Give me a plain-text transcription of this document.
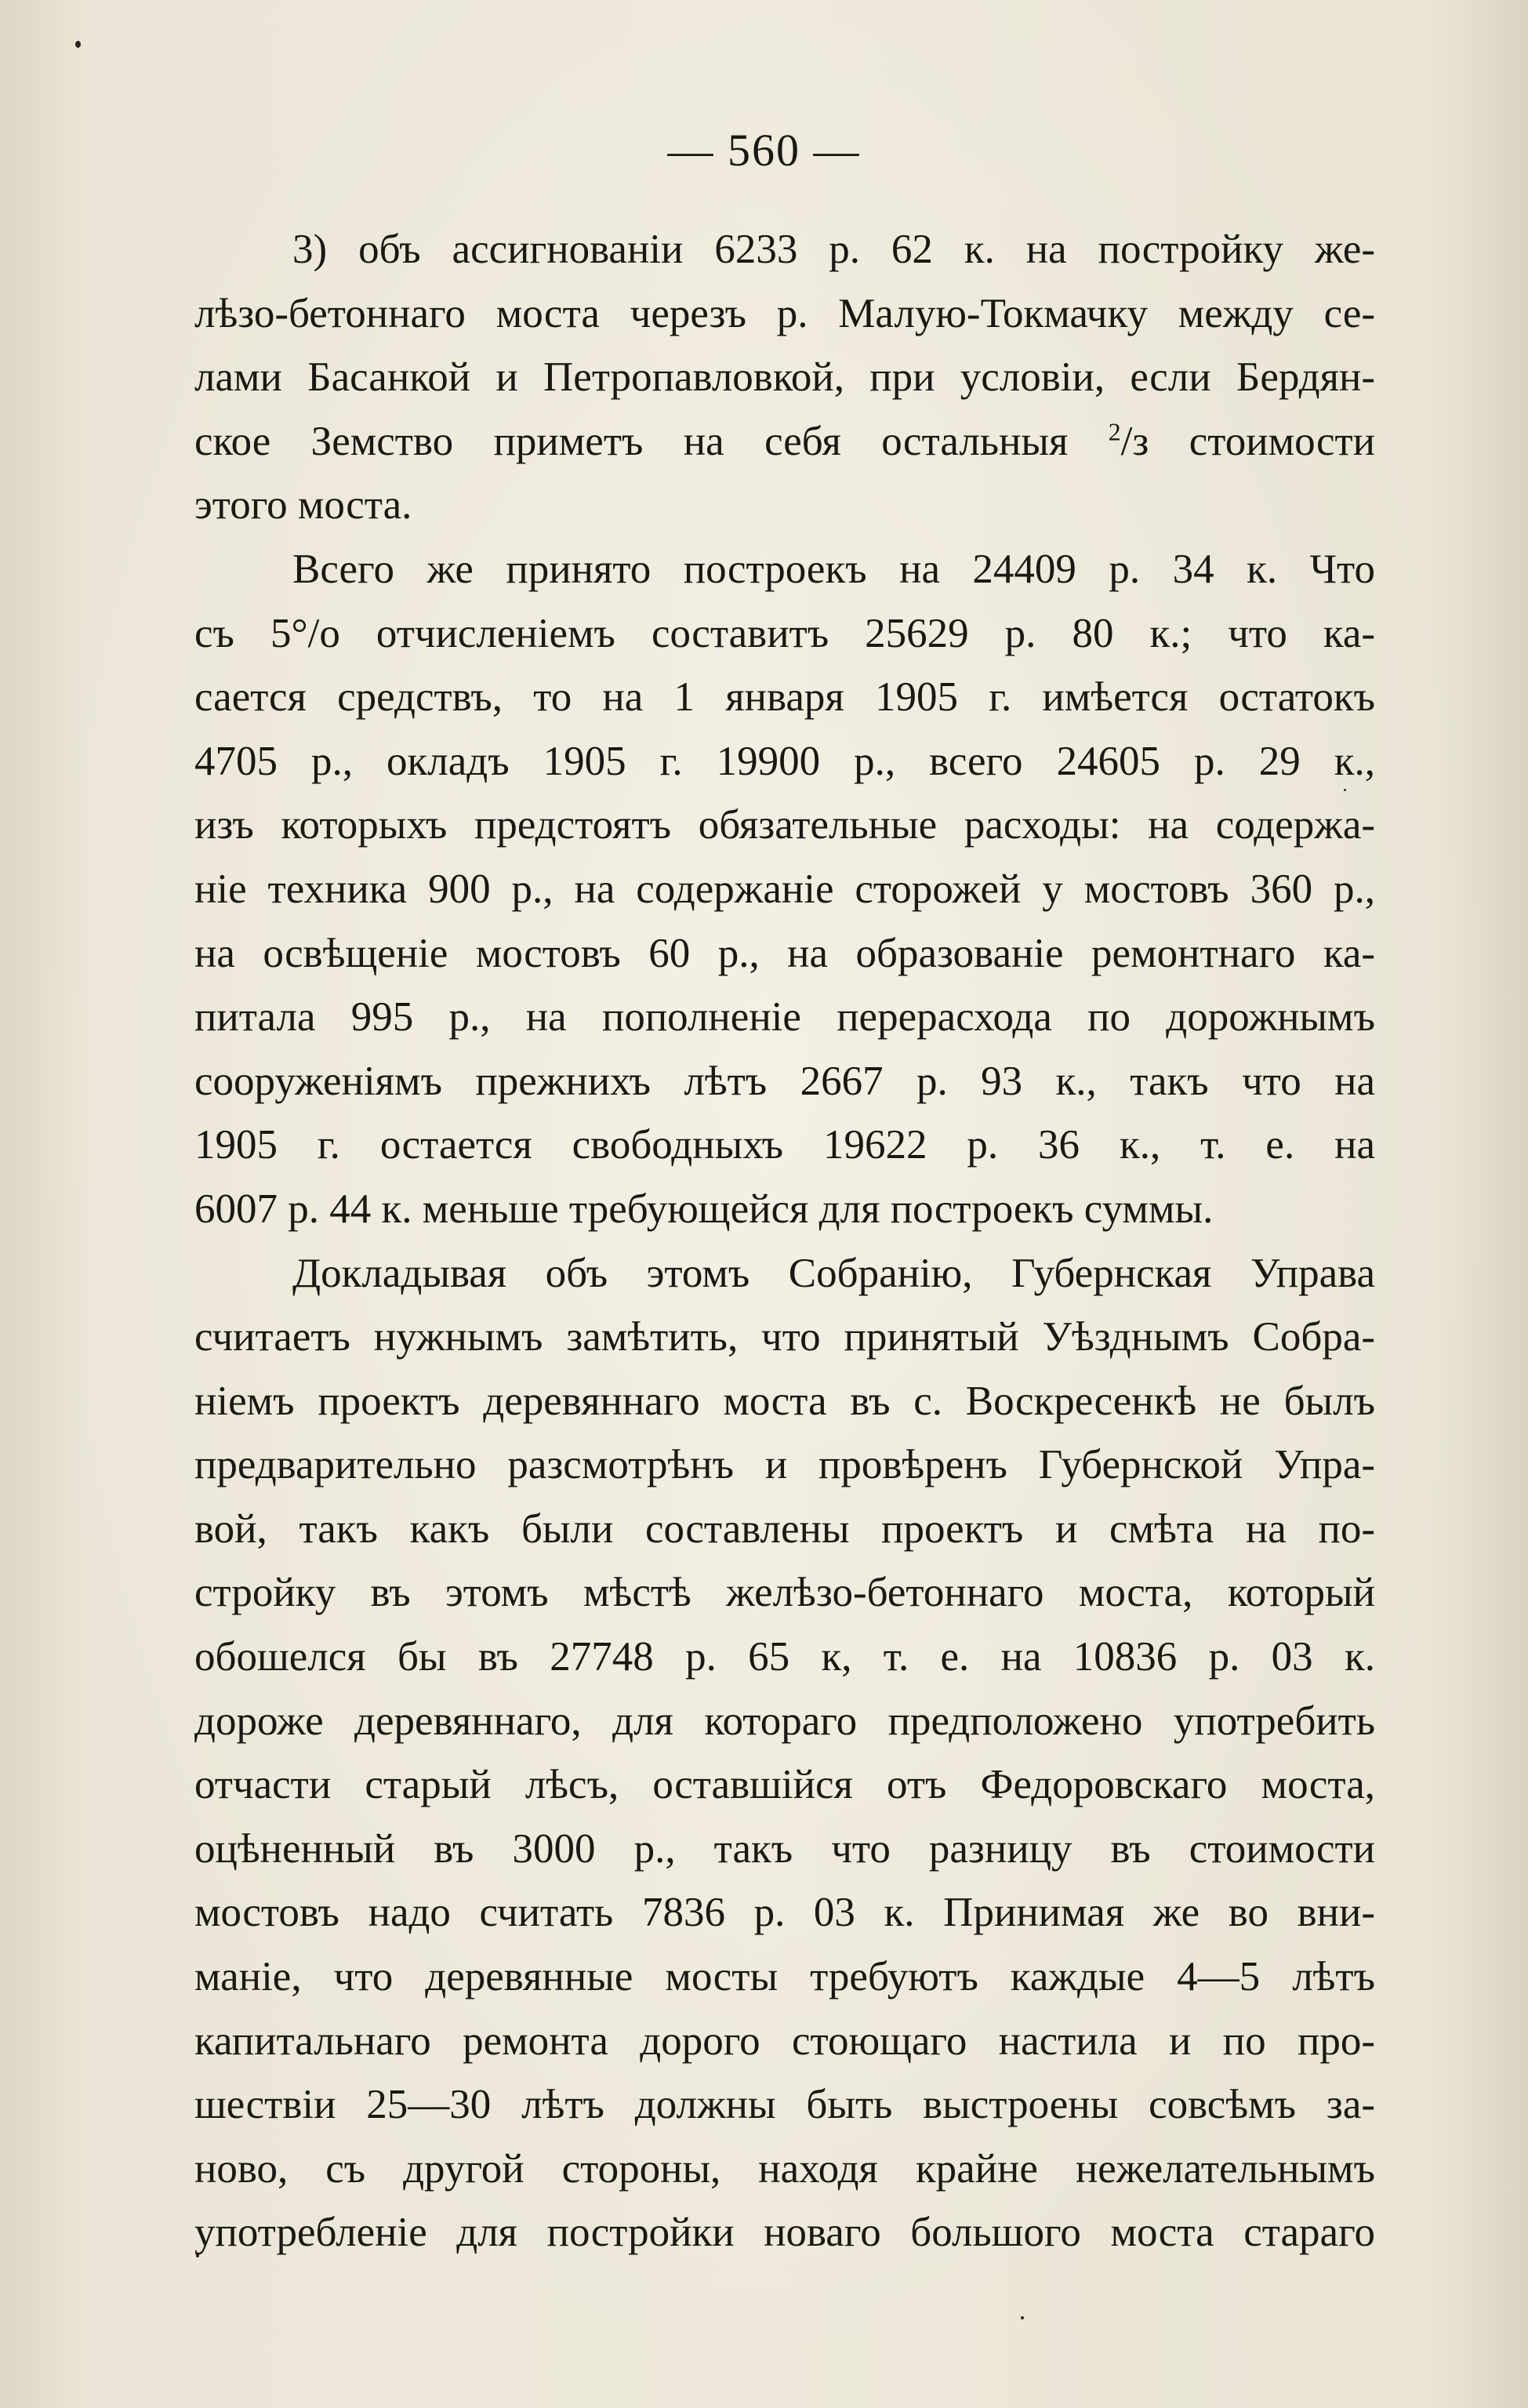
— 560 —
3) объ ассигнованіи 6233 р. 62 к. на постройку же-
лѣзо-бетоннаго моста черезъ р. Малую-Токмачку между се-
лами Басанкой и Петропавловкой, при условіи, если Бердян-
ское Земство приметъ на себя остальныя $^2$/з стоимости
этого моста.
Всего же принято построекъ на 24409 р. 34 к. Что
съ 5°/о отчисленіемъ составитъ 25629 р. 80 к.; что ка-
сается средствъ, то на 1 января 1905 г. имѣется остатокъ
4705 р., окладъ 1905 г. 19900 р., всего 24605 р. 29 к.,
изъ которыхъ предстоятъ обязательные расходы: на содержа-
ніе техника 900 р., на содержаніе сторожей у мостовъ 360 р.,
на освѣщеніе мостовъ 60 р., на образованіе ремонтнаго ка-
питала 995 р., на пополненіе перерасхода по дорожнымъ
сооруженіямъ прежнихъ лѣтъ 2667 р. 93 к., такъ что на
1905 г. остается свободныхъ 19622 р. 36 к., т. е. на
6007 р. 44 к. меньше требующейся для построекъ суммы.
Докладывая объ этомъ Собранію, Губернская Управа
считаетъ нужнымъ замѣтить, что принятый Уѣзднымъ Собра-
ніемъ проектъ деревяннаго моста въ с. Воскресенкѣ не былъ
предварительно разсмотрѣнъ и провѣренъ Губернской Упра-
вой, такъ какъ были составлены проектъ и смѣта на по-
стройку въ этомъ мѣстѣ желѣзо-бетоннаго моста, который
обошелся бы въ 27748 р. 65 к, т. е. на 10836 р. 03 к.
дороже деревяннаго, для котораго предположено употребить
отчасти старый лѣсъ, оставшійся отъ Федоровскаго моста,
оцѣненный въ 3000 р., такъ что разницу въ стоимости
мостовъ надо считать 7836 р. 03 к. Принимая же во вни-
маніе, что деревянные мосты требуютъ каждые 4—5 лѣтъ
капитальнаго ремонта дорого стоющаго настила и по про-
шествіи 25—30 лѣтъ должны быть выстроены совсѣмъ за-
ново, съ другой стороны, находя крайне нежелательнымъ
употребленіе для постройки новаго большого моста стараго
